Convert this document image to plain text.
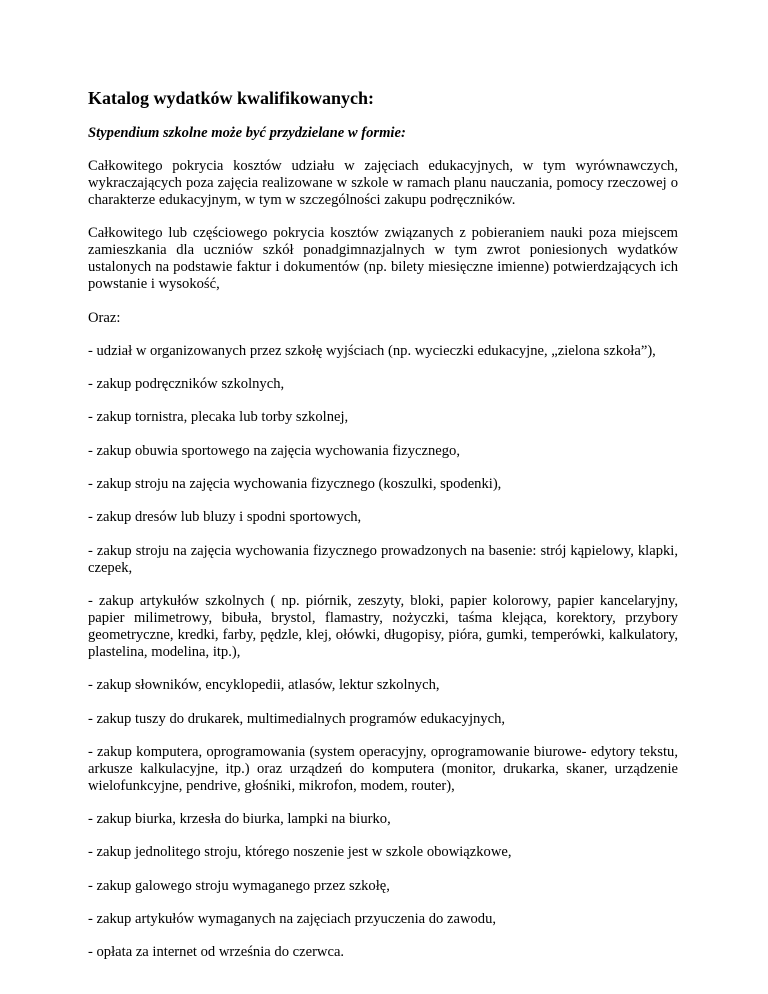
Katalog wydatków kwalifikowanych:
Stypendium szkolne może być przydzielane w formie:

Całkowitego pokrycia kosztów udziału w zajęciach edukacyjnych, w tym wyrównawczych, wykraczających poza zajęcia realizowane w szkole w ramach planu nauczania, pomocy rzeczowej o charakterze edukacyjnym, w tym w szczególności zakupu podręczników.

Całkowitego lub częściowego pokrycia kosztów związanych z pobieraniem nauki poza miejscem zamieszkania dla uczniów szkół ponadgimnazjalnych w tym zwrot poniesionych wydatków ustalonych na podstawie faktur i dokumentów (np. bilety miesięczne imienne) potwierdzających ich powstanie i wysokość,

Oraz:

- udział w organizowanych przez szkołę wyjściach (np. wycieczki edukacyjne, „zielona szkoła”),
- zakup podręczników szkolnych,
- zakup tornistra, plecaka lub torby szkolnej,
- zakup obuwia sportowego na zajęcia wychowania fizycznego,
- zakup stroju na zajęcia wychowania fizycznego (koszulki, spodenki),
- zakup dresów lub bluzy i spodni sportowych,
- zakup stroju na zajęcia wychowania fizycznego prowadzonych na basenie: strój kąpielowy, klapki, czepek,
- zakup artykułów szkolnych ( np. piórnik, zeszyty, bloki, papier kolorowy, papier kancelaryjny, papier milimetrowy, bibuła, brystol, flamastry, nożyczki, taśma klejąca, korektory, przybory geometryczne, kredki, farby, pędzle, klej, ołówki, długopisy, pióra, gumki, temperówki, kalkulatory, plastelina, modelina, itp.),
- zakup słowników, encyklopedii, atlasów, lektur szkolnych,
- zakup tuszy do drukarek, multimedialnych programów edukacyjnych,
- zakup komputera, oprogramowania (system operacyjny, oprogramowanie biurowe- edytory tekstu, arkusze kalkulacyjne, itp.) oraz urządzeń do komputera (monitor, drukarka, skaner, urządzenie wielofunkcyjne, pendrive, głośniki, mikrofon, modem, router),
- zakup biurka, krzesła do biurka, lampki na biurko,
- zakup jednolitego stroju, którego noszenie jest w szkole obowiązkowe,
- zakup galowego stroju wymaganego przez szkołę,
- zakup artykułów wymaganych na zajęciach przyuczenia do zawodu,
- opłata za internet od września do czerwca.
